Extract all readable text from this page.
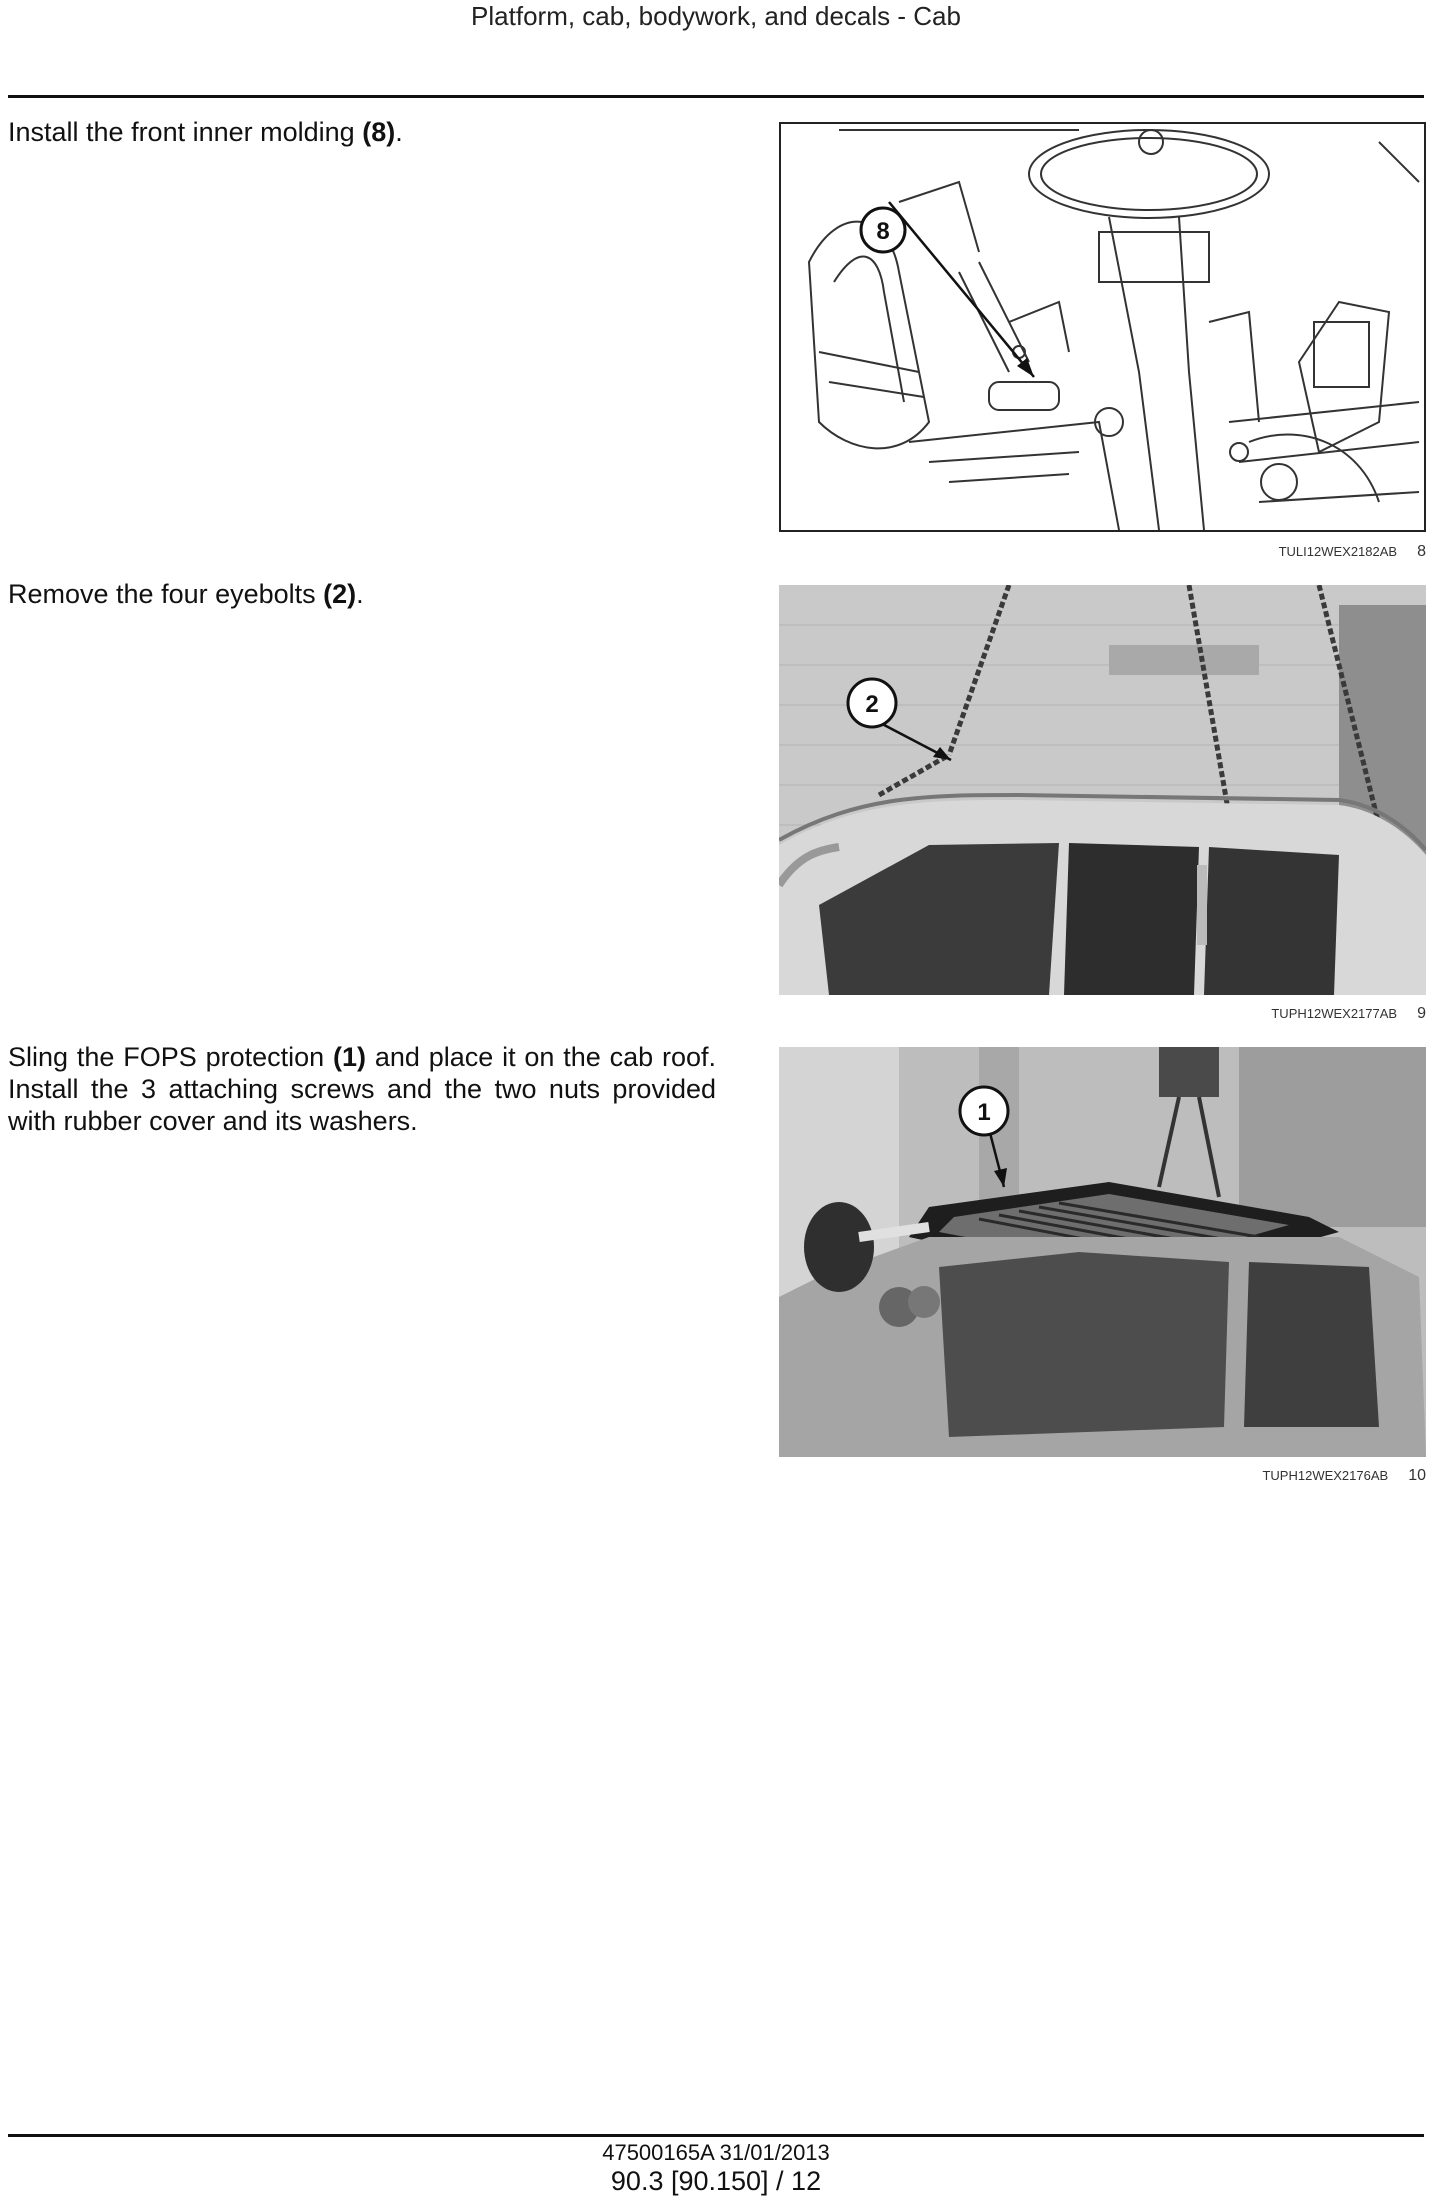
Platform, cab, bodywork, and decals - Cab
Install the front inner molding (8).
8
TULI12WEX2182AB 8
Remove the four eyebolts (2).
2
TUPH12WEX2177AB 9
Sling the FOPS protection (1) and place it on the cab roof. Install the 3 attaching screws and the two nuts provided with rubber cover and its washers.	1
TUPH12WEX2176AB 10
47500165A 31/01/2013
90.3 [90.150] / 12
